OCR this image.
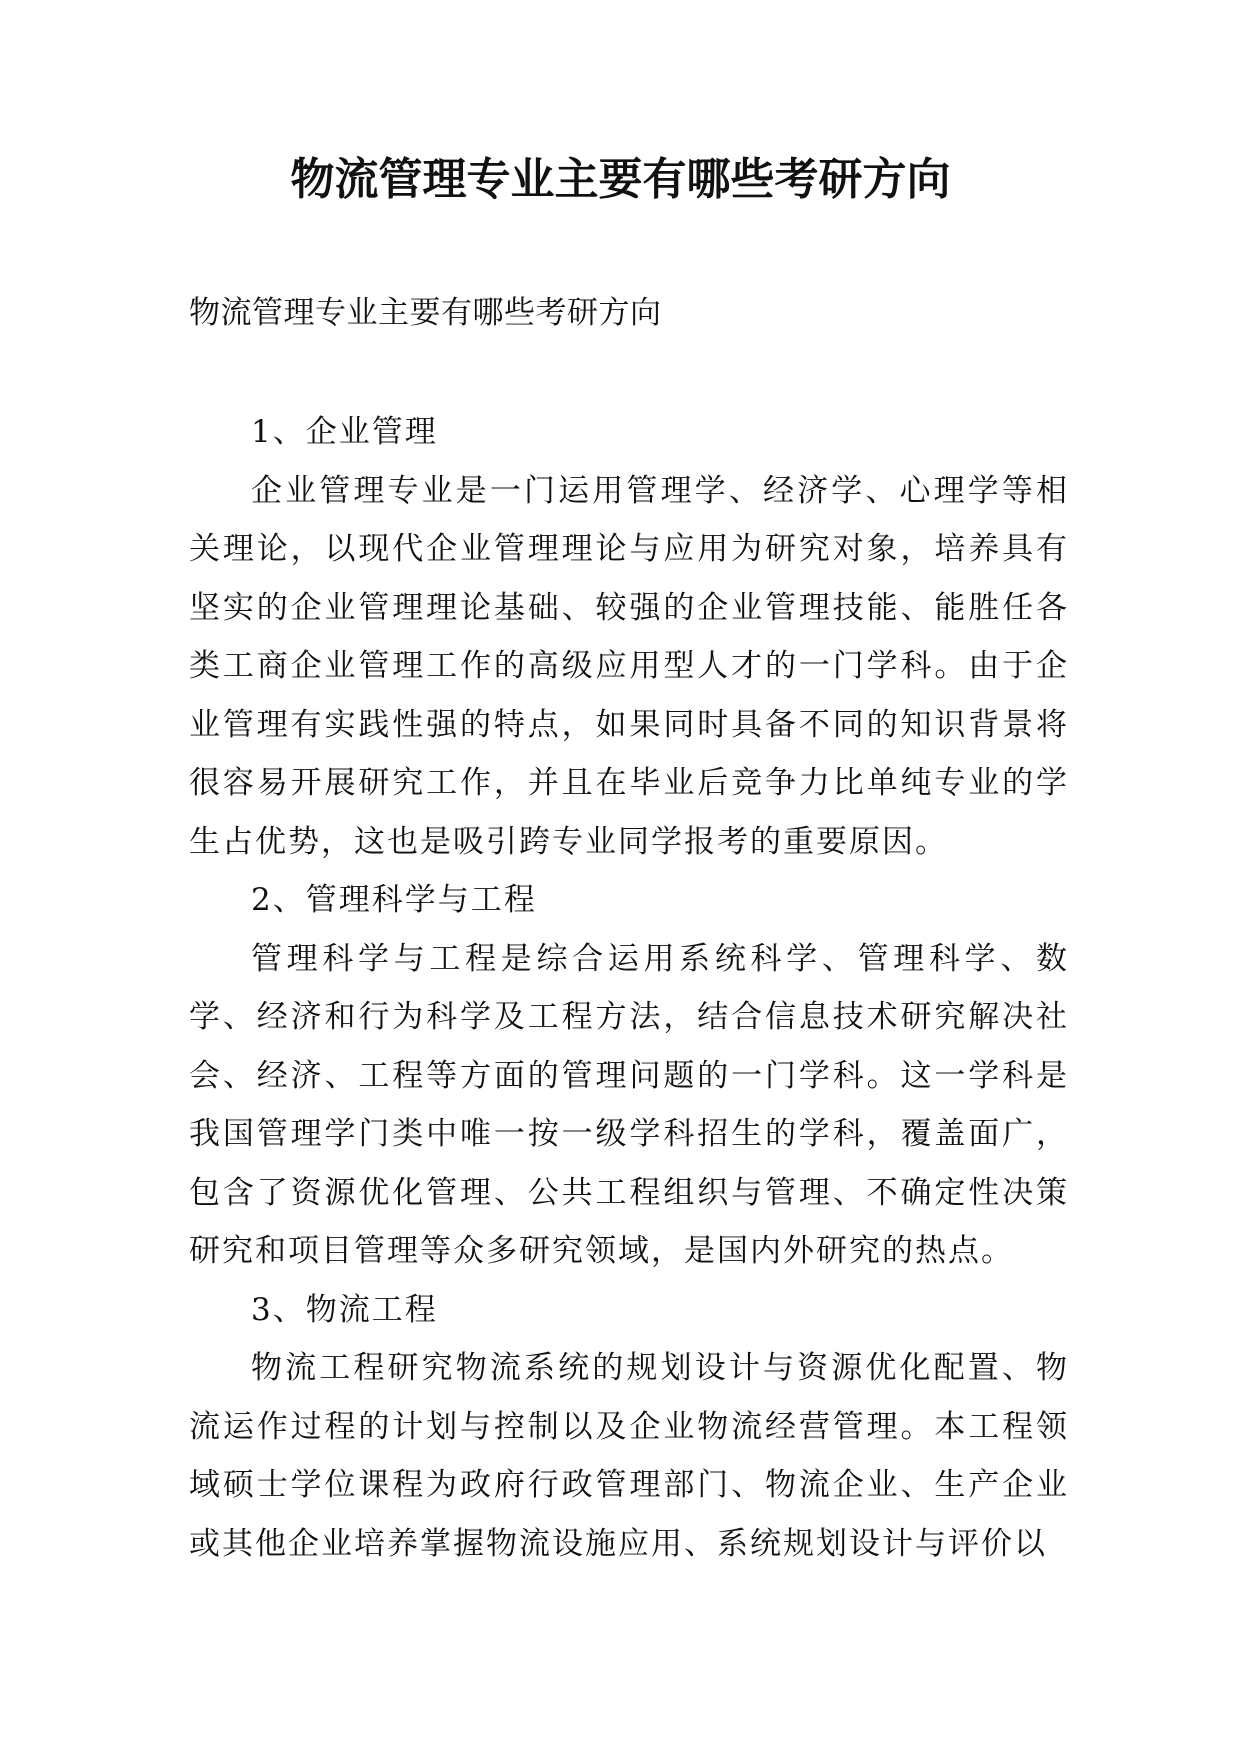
物流管理专业主要有哪些考研方向
物流管理专业主要有哪些考研方向

1、企业管理

企业管理专业是一门运用管理学、经济学、心理学等相关理论，以现代企业管理理论与应用为研究对象，培养具有坚实的企业管理理论基础、较强的企业管理技能、能胜任各类工商企业管理工作的高级应用型人才的一门学科。由于企业管理有实践性强的特点，如果同时具备不同的知识背景将很容易开展研究工作，并且在毕业后竞争力比单纯专业的学生占优势，这也是吸引跨专业同学报考的重要原因。

2、管理科学与工程

管理科学与工程是综合运用系统科学、管理科学、数学、经济和行为科学及工程方法，结合信息技术研究解决社会、经济、工程等方面的管理问题的一门学科。这一学科是我国管理学门类中唯一按一级学科招生的学科，覆盖面广，包含了资源优化管理、公共工程组织与管理、不确定性决策研究和项目管理等众多研究领域，是国内外研究的热点。

3、物流工程

物流工程研究物流系统的规划设计与资源优化配置、物流运作过程的计划与控制以及企业物流经营管理。本工程领域硕士学位课程为政府行政管理部门、物流企业、生产企业或其他企业培养掌握物流设施应用、系统规划设计与评价以
